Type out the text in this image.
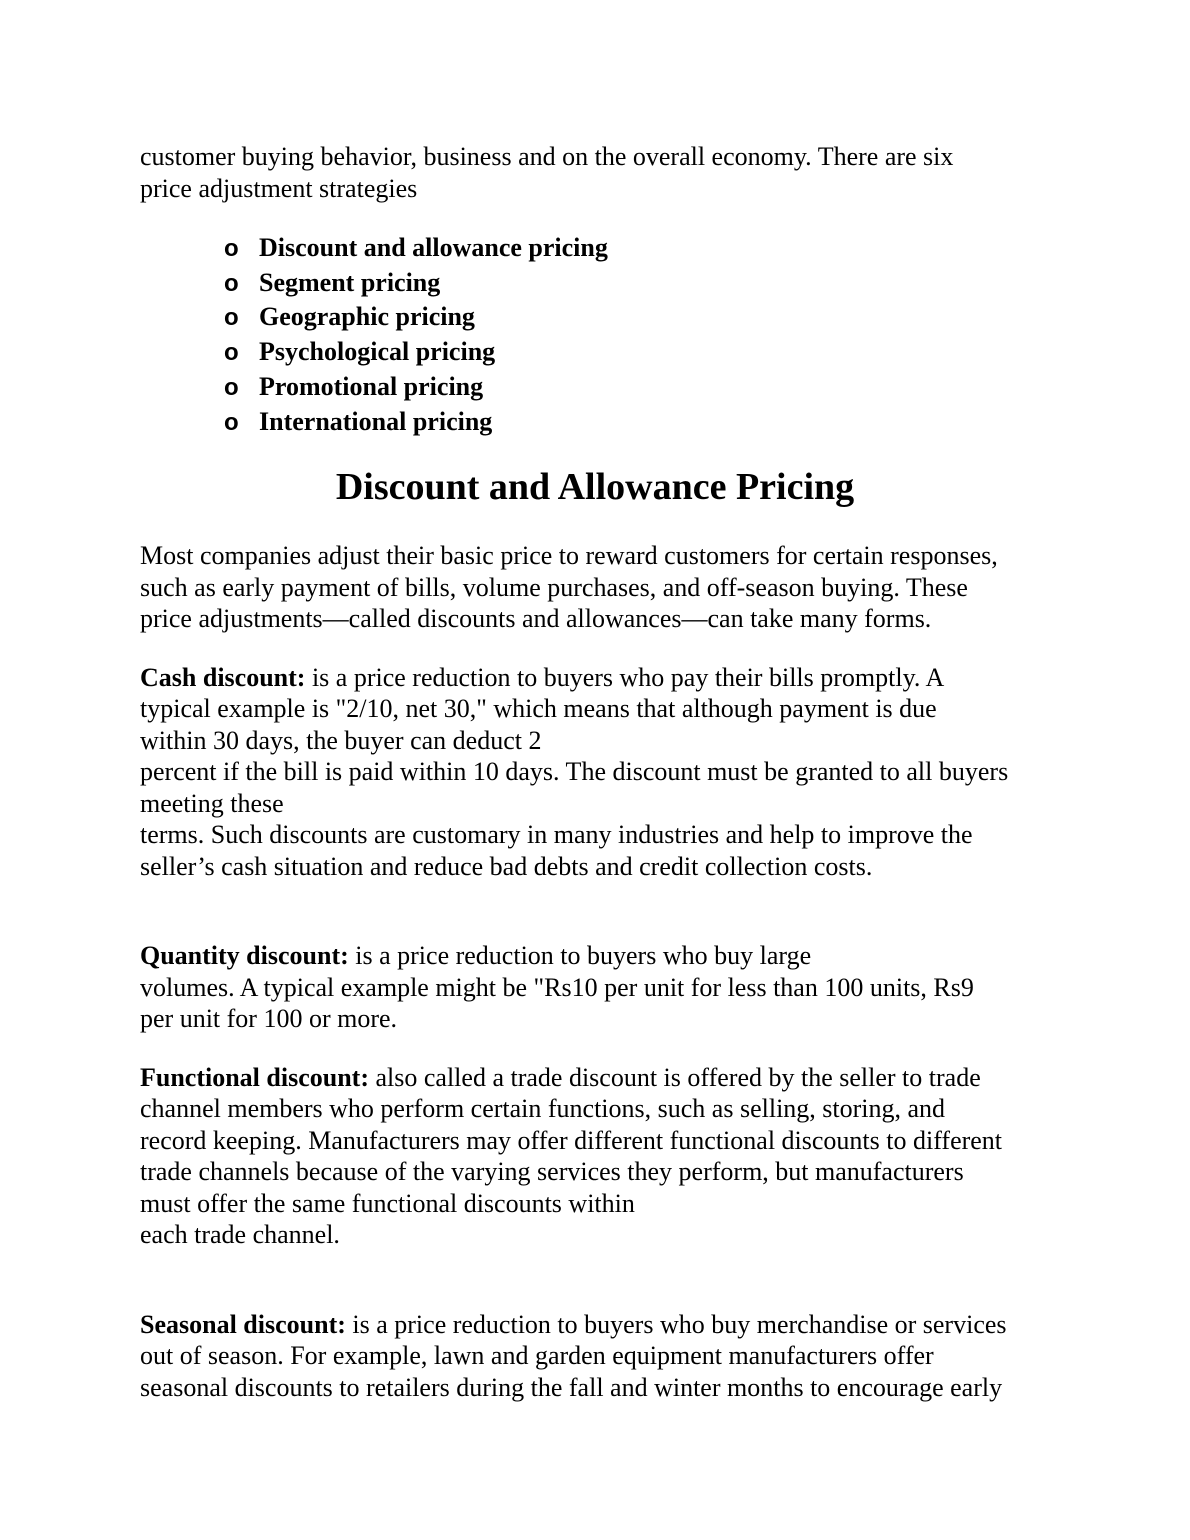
customer buying behavior, business and on the overall economy. There are six
price adjustment strategies

o Discount and allowance pricing
o Segment pricing
o Geographic pricing
o Psychological pricing
o Promotional pricing
o International pricing
Discount and Allowance Pricing

Most companies adjust their basic price to reward customers for certain responses,
such as early payment of bills, volume purchases, and off-season buying. These
price adjustments—called discounts and allowances—can take many forms.

Cash discount: is a price reduction to buyers who pay their bills promptly. A
typical example is "2/10, net 30," which means that although payment is due
within 30 days, the buyer can deduct 2
percent if the bill is paid within 10 days. The discount must be granted to all buyers
meeting these
terms. Such discounts are customary in many industries and help to improve the
seller’s cash situation and reduce bad debts and credit collection costs.

Quantity discount: is a price reduction to buyers who buy large
volumes. A typical example might be "Rs10 per unit for less than 100 units, Rs9
per unit for 100 or more.

Functional discount: also called a trade discount is offered by the seller to trade
channel members who perform certain functions, such as selling, storing, and
record keeping. Manufacturers may offer different functional discounts to different
trade channels because of the varying services they perform, but manufacturers
must offer the same functional discounts within
each trade channel.

Seasonal discount: is a price reduction to buyers who buy merchandise or services
out of season. For example, lawn and garden equipment manufacturers offer
seasonal discounts to retailers during the fall and winter months to encourage early
